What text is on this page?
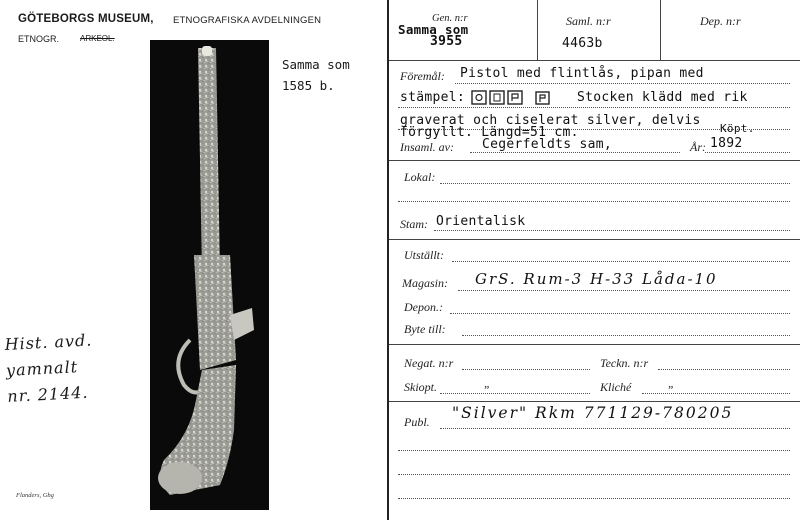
GÖTEBORGS MUSEUM, ETNOGRAFISKA AVDELNINGEN
ETNOGR.	ARKEOL.
Flanders, Gbg
Samma som
1585 b.
Hist. avd.
yamnalt
nr. 2144.
Gen. n:r
Samma som
3955
Saml. n:r
4463b
Dep. n:r
Föremål: Pistol med flintlås, pipan med
stämpel:	Stocken klädd med rik
graverat och ciselerat silver, delvis
förgyllt. Längd=51 cm.	Köpt.
Insaml. av: Cegerfeldts sam,	År: 1892
Lokal:
Stam: Orientalisk
Utställt:
Magasin: GrS. Rum-3 H-33 Låda-10
Depon.:
Byte till:
Negat. n:r	Teckn. n:r
Skiopt.	„	Kliché	„
Publ. "Silver" Rkm 771129-780205
